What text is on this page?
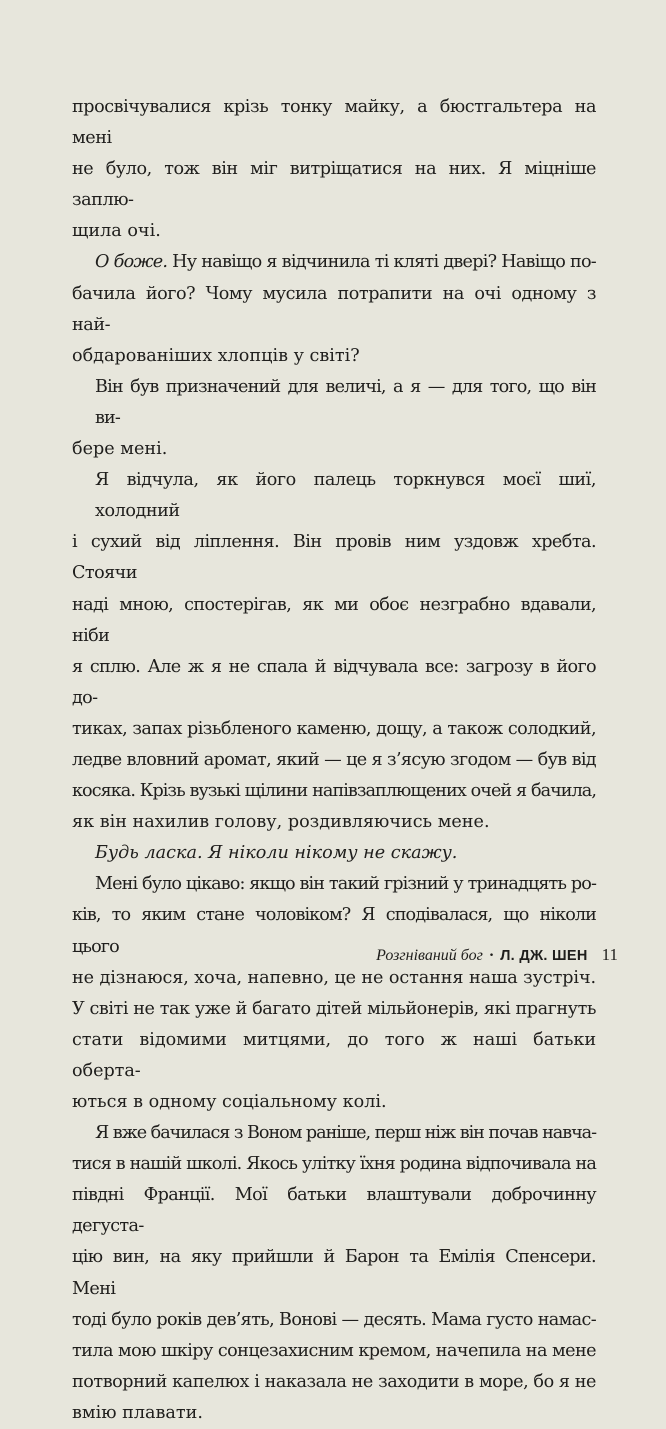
просвічувалися крізь тонку майку, а бюстгальтера на мені
не було, тож він міг витріщатися на них. Я міцніше заплю-
щила очі.

О боже. Ну навіщо я відчинила ті кляті двері? Навіщо по-
бачила його? Чому мусила потрапити на очі одному з най-
обдарованіших хлопців у світі?

Він був призначений для величі, а я — для того, що він ви-
бере мені.

Я відчула, як його палець торкнувся моєї шиї, холодний
і сухий від ліплення. Він провів ним уздовж хребта. Стоячи
наді мною, спостерігав, як ми обоє незграбно вдавали, ніби
я сплю. Але ж я не спала й відчувала все: загрозу в його до-
тиках, запах різьбленого каменю, дощу, а також солодкий,
ледве вловний аромат, який — це я з’ясую згодом — був від
косяка. Крізь вузькі щілини напівзаплющених очей я бачила,
як він нахилив голову, роздивляючись мене.

Будь ласка. Я ніколи нікому не скажу.

Мені було цікаво: якщо він такий грізний у тринадцять ро-
ків, то яким стане чоловіком? Я сподівалася, що ніколи цього
не дізнаюся, хоча, напевно, це не остання наша зустріч.
У світі не так уже й багато дітей мільйонерів, які прагнуть
стати відомими митцями, до того ж наші батьки оберта-
ються в одному соціальному колі.

Я вже бачилася з Воном раніше, перш ніж він почав навча-
тися в нашій школі. Якось улітку їхня родина відпочивала на
півдні Франції. Мої батьки влаштували доброчинну дегуста-
цію вин, на яку прийшли й Барон та Емілія Спенсери. Мені
тоді було років дев’ять, Вонові — десять. Мама густо намас-
тила мою шкіру сонцезахисним кремом, начепила на мене
потворний капелюх і наказала не заходити в море, бо я не
вмію плавати.

Розгніваний бог • Л. ДЖ. ШЕН 11
